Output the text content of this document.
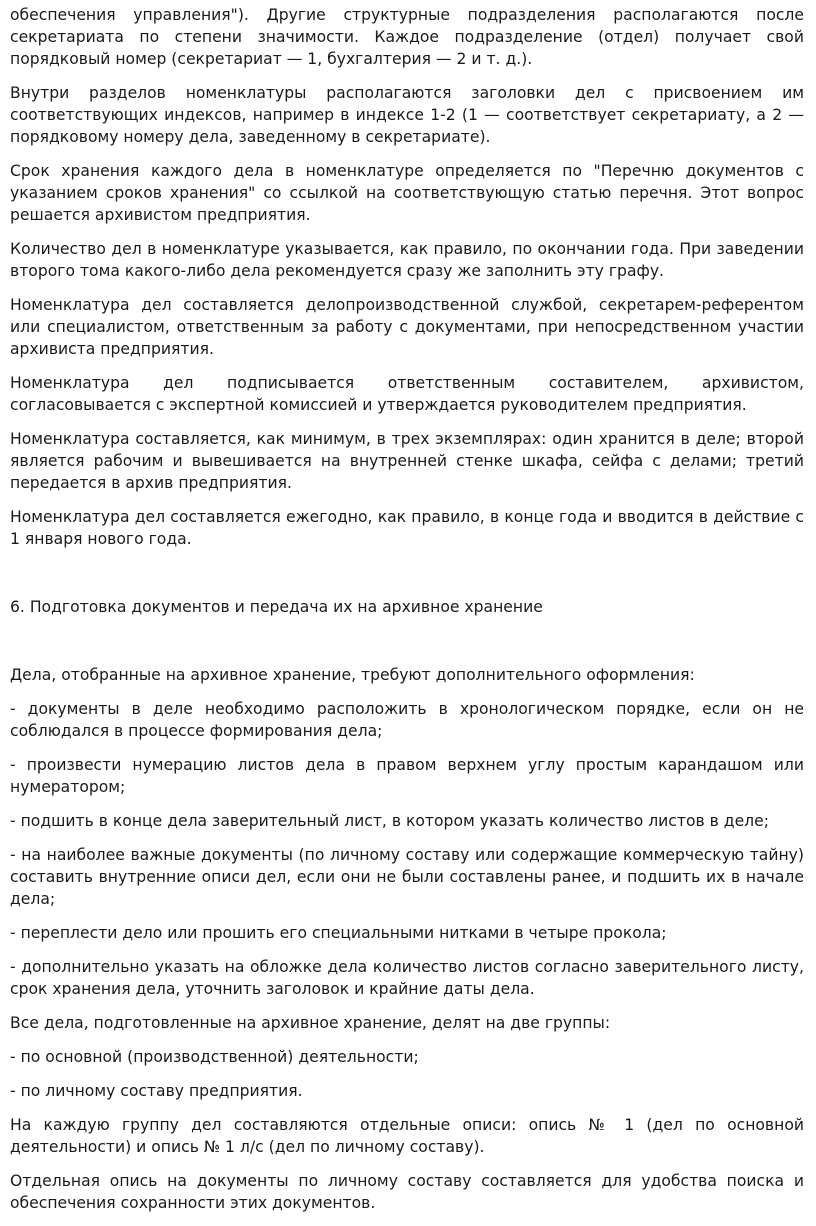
обеспечения управления"). Другие структурные подразделения располагаются после секретариата по степени значимости. Каждое подразделение (отдел) получает свой порядковый номер (секретариат — 1, бухгалтерия — 2 и т. д.).

Внутри разделов номенклатуры располагаются заголовки дел с присвоением им соответствующих индексов, например в индексе 1-2 (1 — соответствует секретариату, а 2 — порядковому номеру дела, заведенному в секретариате).

Срок хранения каждого дела в номенклатуре определяется по "Перечню документов с указанием сроков хранения" со ссылкой на соответствующую статью перечня. Этот вопрос решается архивистом предприятия.

Количество дел в номенклатуре указывается, как правило, по окончании года. При заведении второго тома какого-либо дела рекомендуется сразу же заполнить эту графу.

Номенклатура дел составляется делопроизводственной службой, секретарем-референтом или специалистом, ответственным за работу с документами, при непосредственном участии архивиста предприятия.

Номенклатура дел подписывается ответственным составителем, архивистом, согласовывается с экспертной комиссией и утверждается руководителем предприятия.

Номенклатура составляется, как минимум, в трех экземплярах: один хранится в деле; второй является рабочим и вывешивается на внутренней стенке шкафа, сейфа с делами; третий передается в архив предприятия.

Номенклатура дел составляется ежегодно, как правило, в конце года и вводится в действие с 1 января нового года.

6. Подготовка документов и передача их на архивное хранение

Дела, отобранные на архивное хранение, требуют дополнительного оформления:

- документы в деле необходимо расположить в хронологическом порядке, если он не соблюдался в процессе формирования дела;

- произвести нумерацию листов дела в правом верхнем углу простым карандашом или нумератором;

- подшить в конце дела заверительный лист, в котором указать количество листов в деле;

- на наиболее важные документы (по личному составу или содержащие коммерческую тайну) составить внутренние описи дел, если они не были составлены ранее, и подшить их в начале дела;

- переплести дело или прошить его специальными нитками в четыре прокола;

- дополнительно указать на обложке дела количество листов согласно заверительного листу, срок хранения дела, уточнить заголовок и крайние даты дела.

Все дела, подготовленные на архивное хранение, делят на две группы:

- по основной (производственной) деятельности;

- по личному составу предприятия.

На каждую группу дел составляются отдельные описи: опись № 1 (дел по основной деятельности) и опись № 1 л/с (дел по личному составу).

Отдельная опись на документы по личному составу составляется для удобства поиска и обеспечения сохранности этих документов.
